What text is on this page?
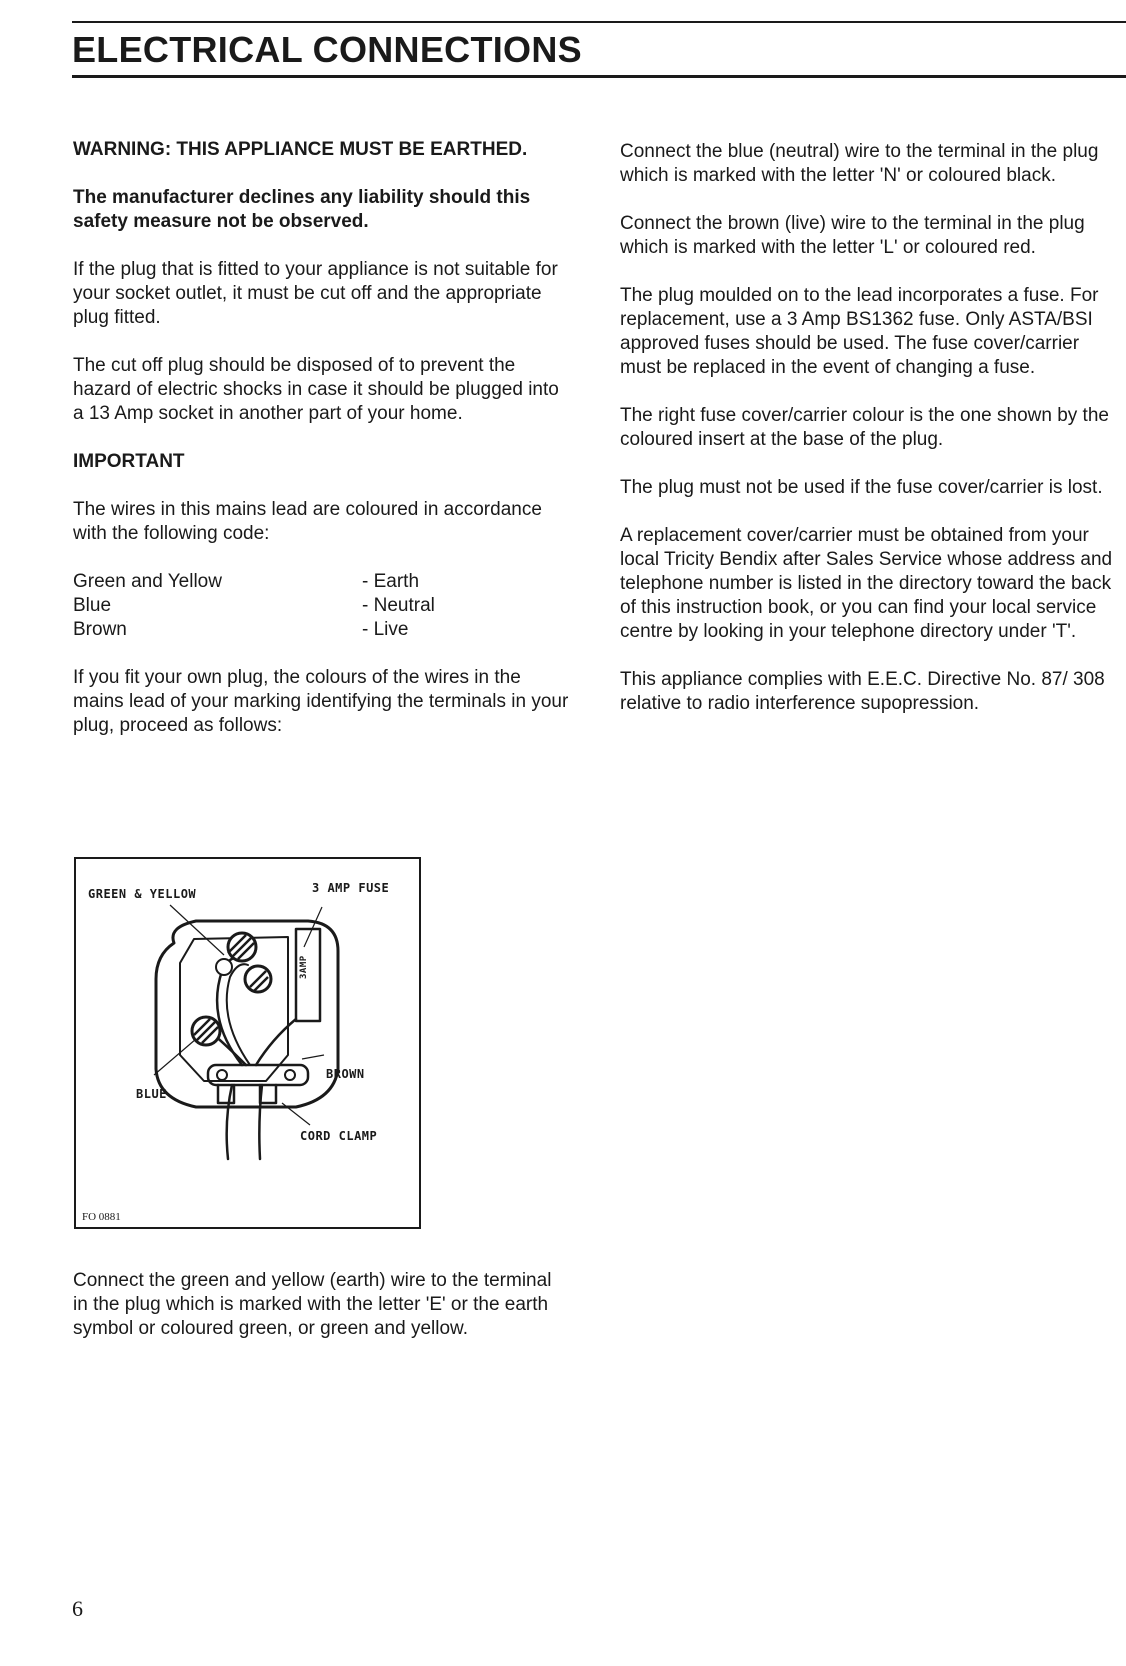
ELECTRICAL CONNECTIONS

WARNING: THIS APPLIANCE MUST BE EARTHED.

The manufacturer declines any liability should this safety measure not be observed.

If the plug that is fitted to your appliance is not suitable for your socket outlet, it must be cut off and the appropriate plug fitted.

The cut off plug should be disposed of to prevent the hazard of electric shocks in case it should be plugged into a 13 Amp socket in another part of your home.

IMPORTANT

The wires in this mains lead are coloured in accordance with the following code:

Green and Yellow	- Earth
Blue	- Neutral
Brown	- Live

If you fit your own plug, the colours of the wires in the mains lead of your marking identifying the terminals in your plug, proceed as follows:

GREEN & YELLOW	3 AMP FUSE
3AMP
BLUE
BROWN
CORD CLAMP
FO 0881

Connect the green and yellow (earth) wire to the terminal in the plug which is marked with the letter 'E' or the earth symbol or coloured green, or green and yellow.

Connect the blue (neutral) wire to the terminal in the plug which is marked with the letter 'N' or coloured black.

Connect the brown (live) wire to the terminal in the plug which is marked with the letter 'L' or coloured red.

The plug moulded on to the lead incorporates a fuse. For replacement, use a 3 Amp BS1362 fuse. Only ASTA/BSI approved fuses should be used. The fuse cover/carrier must be replaced in the event of changing a fuse.

The right fuse cover/carrier colour is the one shown by the coloured insert at the base of the plug.

The plug must not be used if the fuse cover/carrier is lost.

A replacement cover/carrier must be obtained from your local Tricity Bendix after Sales Service whose address and telephone number is listed in the directory toward the back of this instruction book, or you can find your local service centre by looking in your telephone directory under 'T'.

This appliance complies with E.E.C. Directive No. 87/ 308 relative to radio interference supopression.

6
